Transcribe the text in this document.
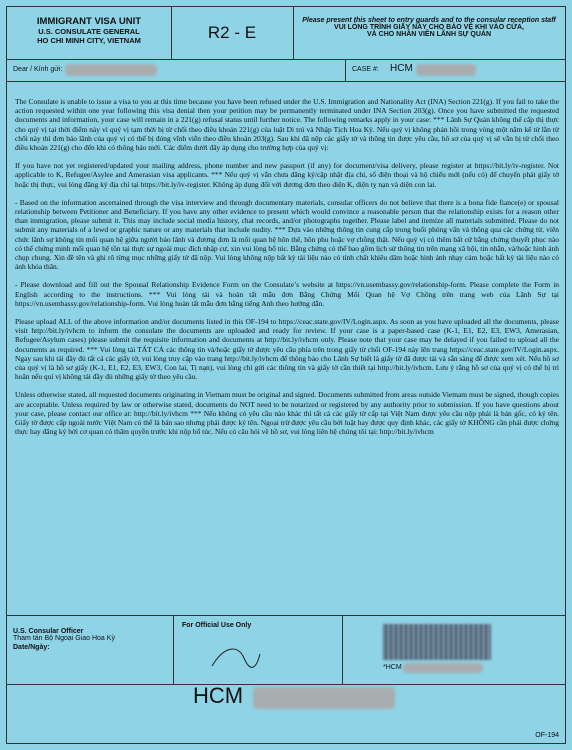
IMMIGRANT VISA UNIT
U.S. CONSULATE GENERAL
HO CHI MINH CITY, VIETNAM	R2 - E
Please present this sheet to entry guards and to the consular reception staff
VUI LÒNG TRÌNH GIẤY NÀY CHO BẢO VỆ KHI VÀO CỬA,
VÀ CHO NHÂN VIÊN LÃNH SỰ QUÁN
Dear / Kính gửi:	CASE #: HCM

The Consulate is unable to issue a visa to you at this time because you have been refused under the U.S. Immigration and Nationality Act (INA) Section 221(g). If you fail to take the action requested within one year following this visa denial then your petition may be permanently terminated under INA Section 203(g). Once you have submitted the requested documents and information, your case will remain in a 221(g) refusal status until further notice. The following remarks apply in your case: *** Lãnh Sự Quán không thể cấp thị thực cho quý vị tại thời điểm này vì quý vị tạm thời bị từ chối theo điều khoản 221(g) của luật Di trú và Nhập Tịch Hoa Kỳ. Nếu quý vị không phản hồi trong vòng một năm kể từ lần từ chối này thì đơn bảo lãnh của quý vị có thể bị đóng vĩnh viễn theo điều khoản 203(g). Sau khi đã nộp các giấy tờ và thông tin được yêu cầu, hồ sơ của quý vị sẽ vẫn bị từ chối theo điều khoản 221(g) cho đến khi có thông báo mới. Các điểm dưới đây áp dụng cho trường hợp của quý vị:

If you have not yet registered/updated your mailing address, phone number and new passport (if any) for document/visa delivery, please register at https://bit.ly/iv-register. Not applicable to K, Refugee/Asylee and Amerasian visa applicants. *** Nếu quý vị vẫn chưa đăng ký/cập nhật địa chỉ, số điện thoại và hộ chiếu mới (nếu có) để chuyển phát giấy tờ hoặc thị thực, vui lòng đăng ký địa chỉ tại https://bit.ly/iv-register. Không áp dụng đối với đương đơn theo diện K, diện tỵ nạn và diện con lai.

- Based on the information ascertained through the visa interview and through documentary materials, consular officers do not believe that there is a bona fide fiance(e) or spousal relationship between Petitioner and Beneficiary. If you have any other evidence to present which would convince a reasonable person that the relationship exists for a reason other than immigration, please submit it. This may include social media history, chat records, and/or photographs together. Please label and itemize all materials submitted. Please do not submit any materials of a lewd or graphic nature or any materials that include nudity. *** Dựa vào những thông tin cung cấp trong buổi phỏng vấn và thông qua các chứng từ, viên chức lãnh sự không tin mối quan hệ giữa người bảo lãnh và đương đơn là mối quan hệ hôn thê, hôn phu hoặc vợ chồng thật. Nếu quý vị có thêm bất cứ bằng chứng thuyết phục nào có thể chứng minh mối quan hệ tồn tại thực sự ngoài mục đích nhập cư, xin vui lòng bổ túc. Bằng chứng có thể bao gồm lịch sử thông tin trên mạng xã hội, tin nhắn, và/hoặc hình ảnh chụp chung. Xin đề tên và ghi rõ từng mục những giấy tờ đã nộp. Vui lòng không nộp bất kỳ tài liệu nào có tính chất khiêu dâm hoặc hình ảnh nhạy cảm hoặc bất kỳ tài liệu nào có ảnh khỏa thân.

- Please download and fill out the Spousal Relationship Evidence Form on the Consulate’s website at https://vn.usembassy.gov/relationship-form. Please complete the Form in English according to the instructions. *** Vui lòng tải và hoàn tất mẫu đơn Bằng Chứng Mối Quan hệ Vợ Chồng trên trang web của Lãnh Sự tại https://vn.usembassy.gov/relationship-form. Vui lòng hoàn tất mẫu đơn bằng tiếng Anh theo hướng dẫn.

Please upload ALL of the above information and/or documents listed in this OF-194 to https://ceac.state.gov/IV/Login.aspx. As soon as you have uploaded all the documents, please visit http://bit.ly/ivhcm to inform the consulate the documents are uploaded and ready for review. If your case is a paper-based case (K-1, E1, E2, E3, EW3, Amerasian, Refugee/Asylum cases) please submit the requisite information and documents at http://bit.ly/ivhcm only. Please note that your case may be delayed if you failed to upload all the documents as required. *** Vui lòng tải TẤT CẢ các thông tin và/hoặc giấy tờ được yêu cầu phía trên trong giấy từ chối OF-194 này lên trang https://ceac.state.gov/IV/Login.aspx. Ngay sau khi tải đầy đủ tất cả các giấy tờ, vui lòng truy cập vào trang http://bit.ly/ivhcm để thông báo cho Lãnh Sự biết là giấy tờ đã được tải và sẵn sàng để được xem xét. Nếu hồ sơ của quý vị là hồ sơ giấy (K-1, E1, E2, E3, EW3, Con lai, Tị nạn), vui lòng chỉ gửi các thông tin và giấy tờ cần thiết tại http://bit.ly/ivhcm. Lưu ý rằng hồ sơ của quý vị có thể bị trì hoãn nếu quí vị không tải đầy đủ những giấy tờ theo yêu cầu.

Unless otherwise stated, all requested documents originating in Vietnam must be original and signed. Documents submitted from areas outside Vietnam must be signed, though copies are acceptable. Unless required by law or otherwise stated, documents do NOT need to be notarized or registered by any authority prior to submission. If you have questions about your case, please contact our office at: http://bit.ly/ivhcm *** Nếu không có yêu cầu nào khác thì tất cả các giấy tờ cấp tại Việt Nam được yêu cầu nộp phải là bản gốc, có ký tên. Giấy tờ được cấp ngoài nước Việt Nam có thể là bản sao nhưng phải được ký tên. Ngoại trừ được yêu cầu bởi luật hay được quy định khác, các giấy tờ KHÔNG cần phải được chứng thực hay đăng ký bởi cơ quan có thẩm quyền trước khi nộp bổ túc. Nếu có câu hỏi về hồ sơ, vui lòng liên hệ chúng tôi tại: http://bit.ly/ivhcm

U.S. Consular Officer
Tham tán Bộ Ngoại Giao Hoa Kỳ
Date/Ngày:
For Official Use Only
*HCM
HCM
OF-194
